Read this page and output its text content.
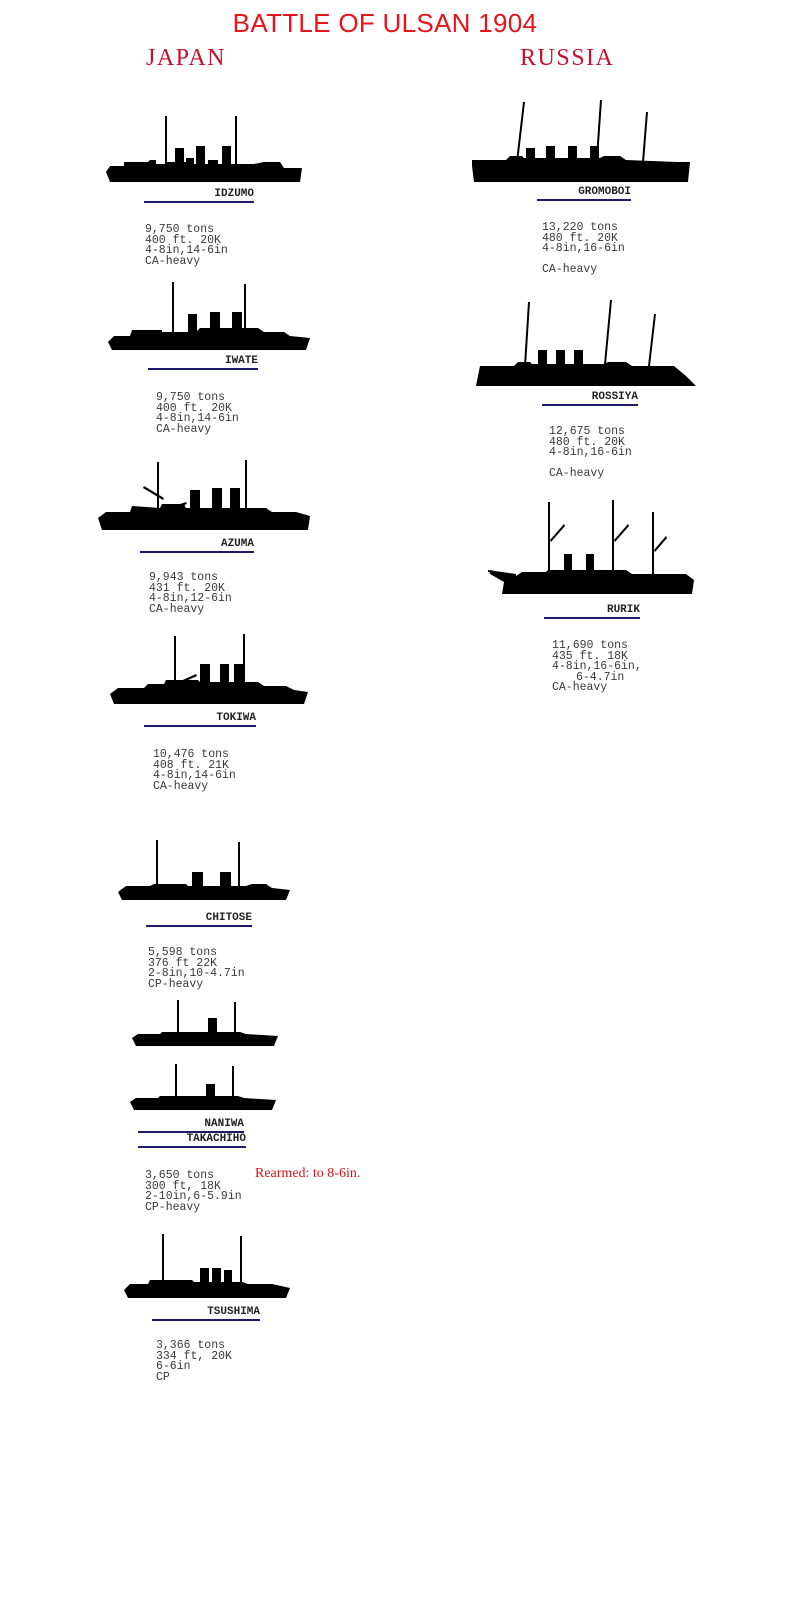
BATTLE OF ULSAN 1904
JAPAN	RUSSIA
IDZUMO

9,750 tons
400 ft. 20K
4-8in,14-6in
CA-heavy

IWATE

9,750 tons
400 ft. 20K
4-8in,14-6in
CA-heavy

AZUMA

9,943 tons
431 ft. 20K
4-8in,12-6in
CA-heavy

TOKIWA

10,476 tons
408 ft. 21K
4-8in,14-6in
CA-heavy

CHITOSE

5,598 tons
376 ft 22K
2-8in,10-4.7in
CP-heavy

NANIWA
TAKACHIHO

3,650 tons
300 ft, 18K
2-10in,6-5.9in
CP-heavy

Rearmed: to 8-6in.
TSUSHIMA

3,366 tons
334 ft, 20K
6-6in
CP

GROMOBOI

13,220 tons
480 ft. 20K
4-8in,16-6in
CA-heavy

ROSSIYA

12,675 tons
480 ft. 20K
4-8in,16-6in
CA-heavy

RURIK

11,690 tons
435 ft. 18K
4-8in,16-6in,
6-4.7in
CA-heavy
